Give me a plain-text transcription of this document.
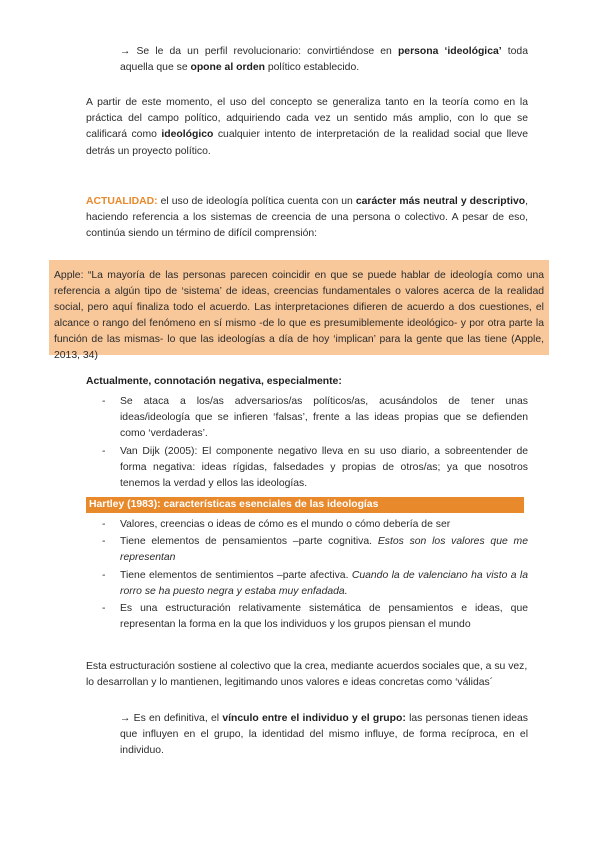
→ Se le da un perfil revolucionario: convirtiéndose en persona ‘ideológica’ toda aquella que se opone al orden político establecido.

A partir de este momento, el uso del concepto se generaliza tanto en la teoría como en la práctica del campo político, adquiriendo cada vez un sentido más amplio, con lo que se calificará como ideológico cualquier intento de interpretación de la realidad social que lleve detrás un proyecto político.

ACTUALIDAD: el uso de ideología política cuenta con un carácter más neutral y descriptivo, haciendo referencia a los sistemas de creencia de una persona o colectivo. A pesar de eso, continúa siendo un término de difícil comprensión:

Apple: “La mayoría de las personas parecen coincidir en que se puede hablar de ideología como una referencia a algún tipo de ‘sistema’ de ideas, creencias fundamentales o valores acerca de la realidad social, pero aquí finaliza todo el acuerdo. Las interpretaciones difieren de acuerdo a dos cuestiones, el alcance o rango del fenómeno en sí mismo -de lo que es presumiblemente ideológico- y por otra parte la función de las mismas- lo que las ideologías a día de hoy ‘implican’ para la gente que las tiene (Apple, 2013, 34)

Actualmente, connotación negativa, especialmente:

- Se ataca a los/as adversarios/as políticos/as, acusándolos de tener unas ideas/ideología que se infieren ‘falsas’, frente a las ideas propias que se defienden como ‘verdaderas’.
- Van Dijk (2005): El componente negativo lleva en su uso diario, a sobreentender de forma negativa: ideas rígidas, falsedades y propias de otros/as; ya que nosotros tenemos la verdad y ellos las ideologías.
Hartley (1983): características esenciales de las ideologías
- Valores, creencias o ideas de cómo es el mundo o cómo debería de ser
- Tiene elementos de pensamientos –parte cognitiva. Estos son los valores que me representan
- Tiene elementos de sentimientos –parte afectiva. Cuando la de valenciano ha visto a la rorro se ha puesto negra y estaba muy enfadada.
- Es una estructuración relativamente sistemática de pensamientos e ideas, que representan la forma en la que los individuos y los grupos piensan el mundo

Esta estructuración sostiene al colectivo que la crea, mediante acuerdos sociales que, a su vez, lo desarrollan y lo mantienen, legitimando unos valores e ideas concretas como ‘válidas´

→ Es en definitiva, el vínculo entre el individuo y el grupo: las personas tienen ideas que influyen en el grupo, la identidad del mismo influye, de forma recíproca, en el individuo.
